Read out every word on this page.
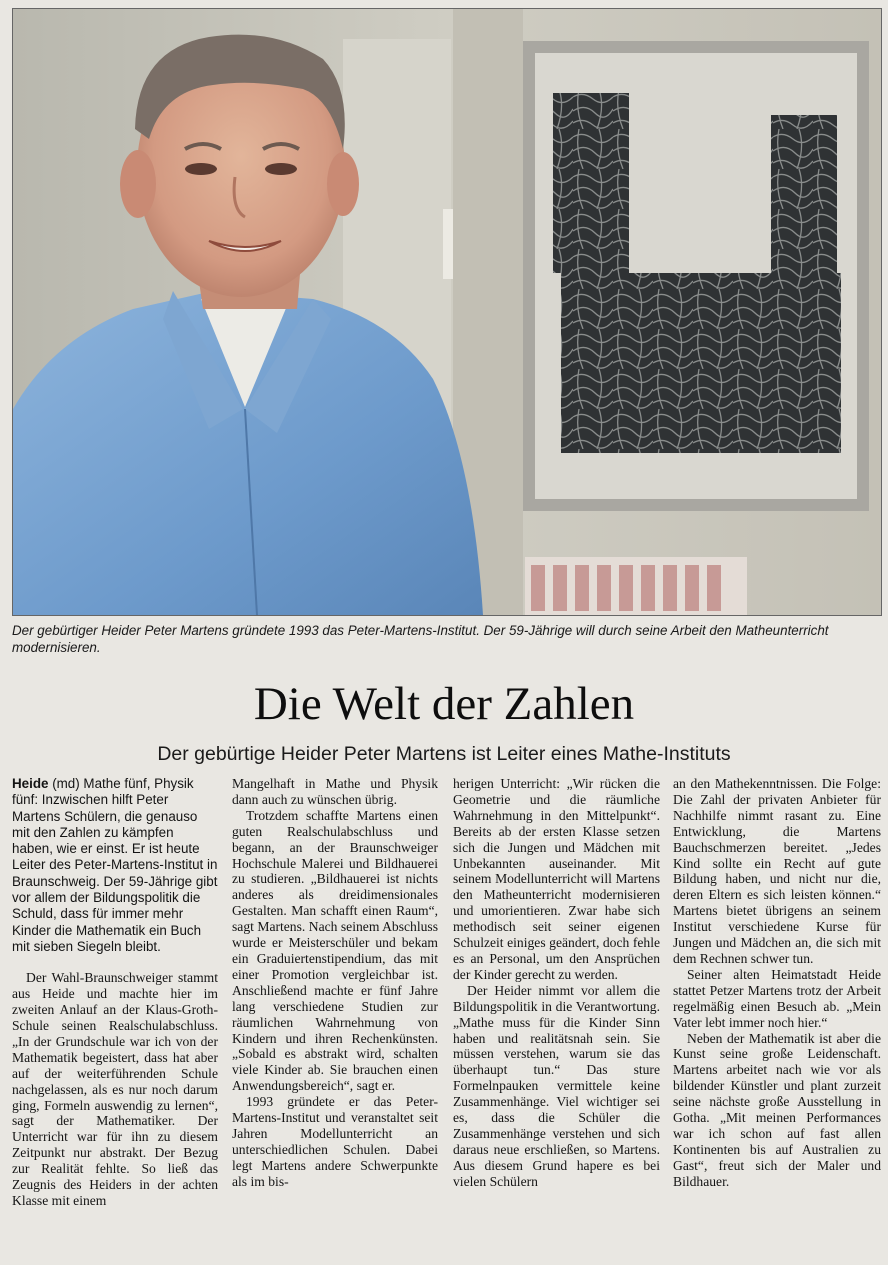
Der gebürtiger Heider Peter Martens gründete 1993 das Peter-Martens-Institut. Der 59-Jährige will durch seine Arbeit den Matheunterricht modernisieren.
Die Welt der Zahlen
Der gebürtige Heider Peter Martens ist Leiter eines Mathe-Instituts

Heide (md) Mathe fünf, Physik fünf: Inzwischen hilft Peter Martens Schülern, die genauso mit den Zahlen zu kämpfen haben, wie er einst. Er ist heute Leiter des Peter-Martens-Institut in Braunschweig. Der 59-Jährige gibt vor allem der Bildungspolitik die Schuld, dass für immer mehr Kinder die Mathematik ein Buch mit sieben Siegeln bleibt.

Der Wahl-Braunschweiger stammt aus Heide und machte hier im zweiten Anlauf an der Klaus-Groth-Schule seinen Realschulabschluss. „In der Grundschule war ich von der Mathematik begeistert, dass hat aber auf der weiterführenden Schule nachgelassen, als es nur noch darum ging, Formeln auswendig zu lernen“, sagt der Mathematiker. Der Unterricht war für ihn zu diesem Zeitpunkt nur abstrakt. Der Bezug zur Realität fehlte. So ließ das Zeugnis des Heiders in der achten Klasse mit einem

Mangelhaft in Mathe und Physik dann auch zu wünschen übrig.

Trotzdem schaffte Martens einen guten Realschulabschluss und begann, an der Braunschweiger Hochschule Malerei und Bildhauerei zu studieren. „Bildhauerei ist nichts anderes als dreidimensionales Gestalten. Man schafft einen Raum“, sagt Martens. Nach seinem Abschluss wurde er Meisterschüler und bekam ein Graduiertenstipendium, das mit einer Promotion vergleichbar ist. Anschließend machte er fünf Jahre lang verschiedene Studien zur räumlichen Wahrnehmung von Kindern und ihren Rechenkünsten. „Sobald es abstrakt wird, schalten viele Kinder ab. Sie brauchen einen Anwendungsbereich“, sagt er.

1993 gründete er das Peter-Martens-Institut und veranstaltet seit Jahren Modellunterricht an unterschiedlichen Schulen. Dabei legt Martens andere Schwerpunkte als im bis-

herigen Unterricht: „Wir rücken die Geometrie und die räumliche Wahrnehmung in den Mittelpunkt“. Bereits ab der ersten Klasse setzen sich die Jungen und Mädchen mit Unbekannten auseinander. Mit seinem Modellunterricht will Martens den Matheunterricht modernisieren und umorientieren. Zwar habe sich methodisch seit seiner eigenen Schulzeit einiges geändert, doch fehle es an Personal, um den Ansprüchen der Kinder gerecht zu werden.

Der Heider nimmt vor allem die Bildungspolitik in die Verantwortung. „Mathe muss für die Kinder Sinn haben und realitätsnah sein. Sie müssen verstehen, warum sie das überhaupt tun.“ Das sture Formelnpauken vermittele keine Zusammenhänge. Viel wichtiger sei es, dass die Schüler die Zusammenhänge verstehen und sich daraus neue erschließen, so Martens. Aus diesem Grund hapere es bei vielen Schülern

an den Mathekenntnissen. Die Folge: Die Zahl der privaten Anbieter für Nachhilfe nimmt rasant zu. Eine Entwicklung, die Martens Bauchschmerzen bereitet. „Jedes Kind sollte ein Recht auf gute Bildung haben, und nicht nur die, deren Eltern es sich leisten können.“ Martens bietet übrigens an seinem Institut verschiedene Kurse für Jungen und Mädchen an, die sich mit dem Rechnen schwer tun.

Seiner alten Heimatstadt Heide stattet Petzer Martens trotz der Arbeit regelmäßig einen Besuch ab. „Mein Vater lebt immer noch hier.“

Neben der Mathematik ist aber die Kunst seine große Leidenschaft. Martens arbeitet nach wie vor als bildender Künstler und plant zurzeit seine nächste große Ausstellung in Gotha. „Mit meinen Performances war ich schon auf fast allen Kontinenten bis auf Australien zu Gast“, freut sich der Maler und Bildhauer.
